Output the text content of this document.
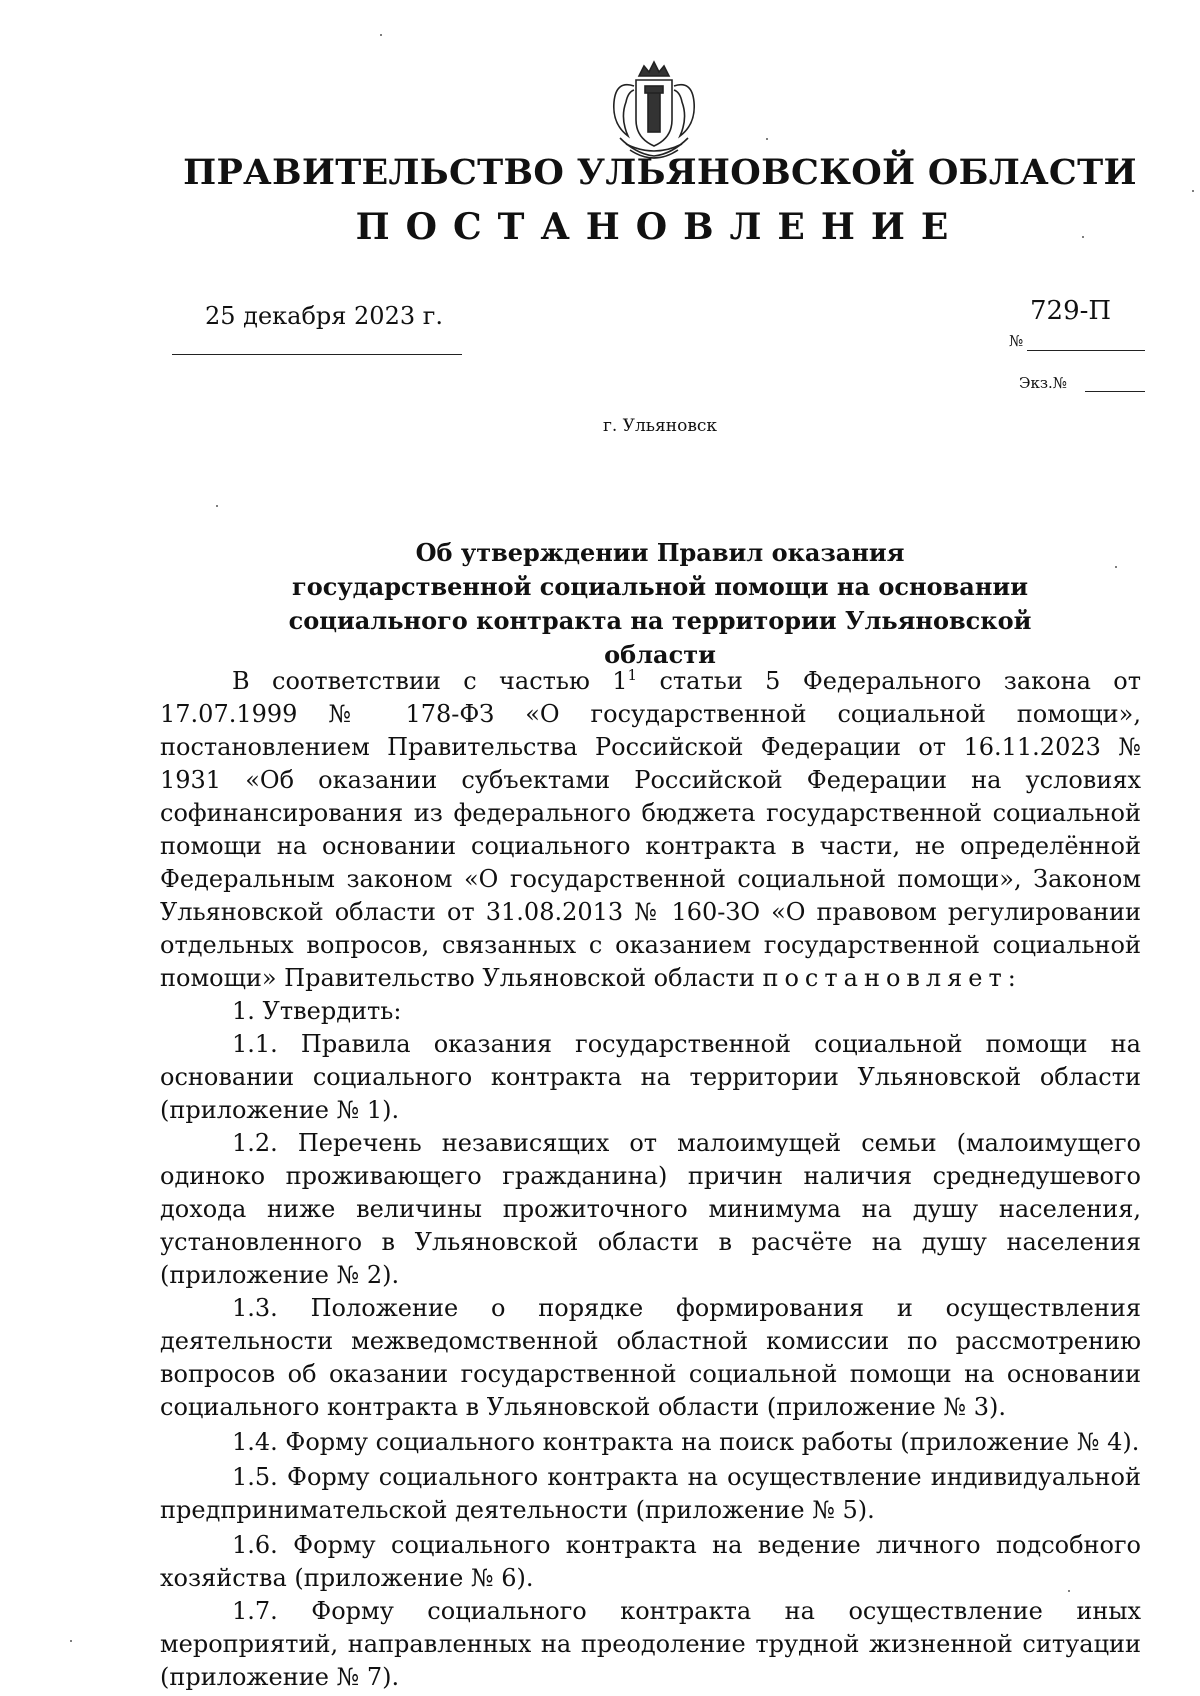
ПРАВИТЕЛЬСТВО УЛЬЯНОВСКОЙ ОБЛАСТИ
ПОСТАНОВЛЕНИЕ
25 декабря 2023 г.	729-П
№
Экз.№
г. Ульяновск
Об утверждении Правил оказания
государственной социальной помощи на основании
социального контракта на территории Ульяновской области

В соответствии с частью $1^1$ статьи 5 Федерального закона от 17.07.1999 № 178-ФЗ «О государственной социальной помощи», постановлением Правительства Российской Федерации от 16.11.2023 № 1931 «Об оказании субъектами Российской Федерации на условиях софинансирования из федерального бюджета государственной социальной помощи на основании социального контракта в части, не определённой Федеральным законом «О государственной социальной помощи», Законом Ульяновской области от 31.08.2013 № 160-ЗО «О правовом регулировании отдельных вопросов, связанных с оказанием государственной социальной помощи» Правительство Ульяновской области постановляет:

1. Утвердить:

1.1. Правила оказания государственной социальной помощи на основании социального контракта на территории Ульяновской области (приложение № 1).

1.2. Перечень независящих от малоимущей семьи (малоимущего одиноко проживающего гражданина) причин наличия среднедушевого дохода ниже величины прожиточного минимума на душу населения, установленного в Ульяновской области в расчёте на душу населения (приложение № 2).

1.3. Положение о порядке формирования и осуществления деятельности межведомственной областной комиссии по рассмотрению вопросов об оказании государственной социальной помощи на основании социального контракта в Ульяновской области (приложение № 3).

1.4. Форму социального контракта на поиск работы (приложение № 4).

1.5. Форму социального контракта на осуществление индивидуальной предпринимательской деятельности (приложение № 5).

1.6. Форму социального контракта на ведение личного подсобного хозяйства (приложение № 6).

1.7. Форму социального контракта на осуществление иных мероприятий, направленных на преодоление трудной жизненной ситуации (приложение № 7).
